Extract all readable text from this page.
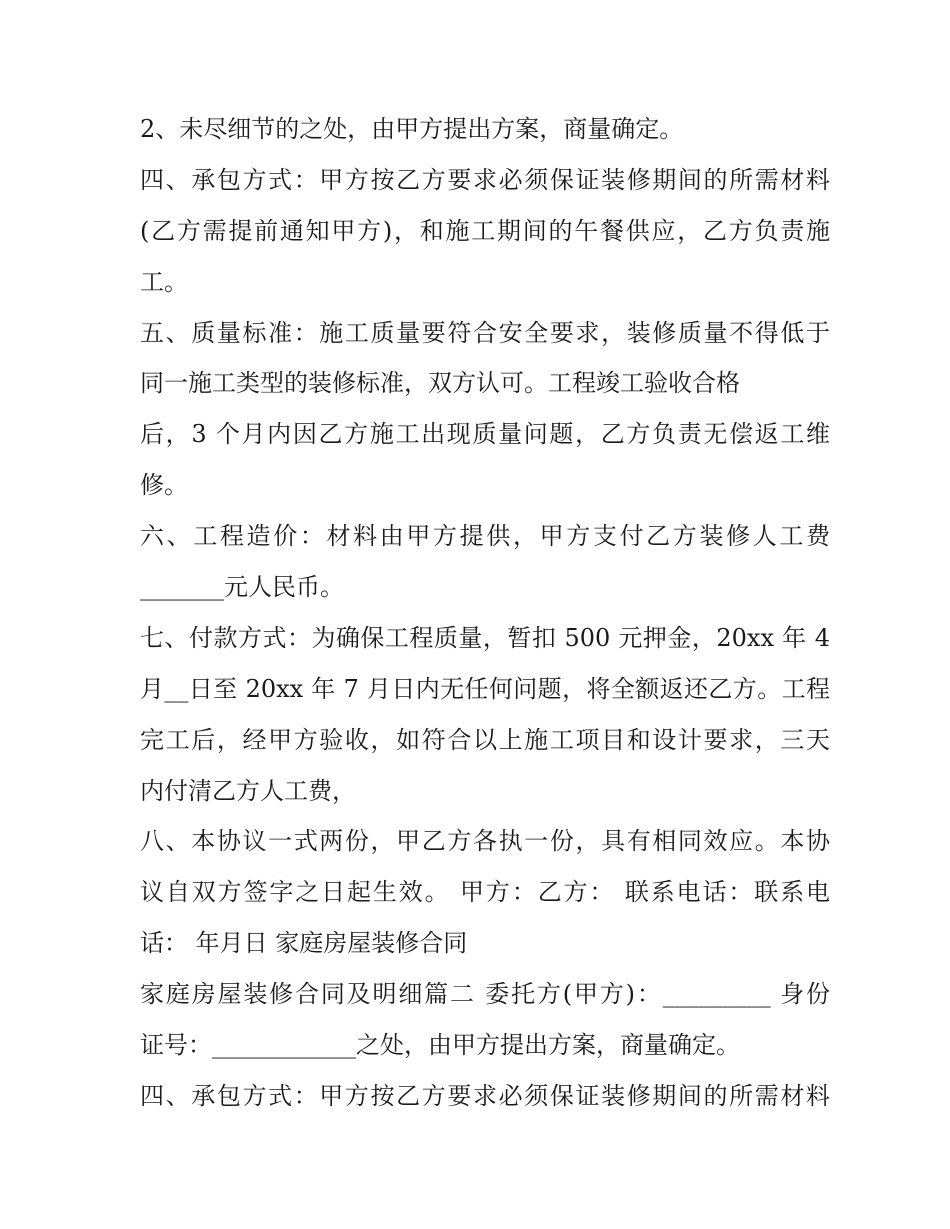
2、未尽细节的之处，由甲方提出方案，商量确定。
四、承包方式：甲方按乙方要求必须保证装修期间的所需材料
(乙方需提前通知甲方)，和施工期间的午餐供应，乙方负责施
工。
五、质量标准：施工质量要符合安全要求，装修质量不得低于
同一施工类型的装修标准，双方认可。工程竣工验收合格
后，3 个月内因乙方施工出现质量问题，乙方负责无偿返工维
修。
六、工程造价：材料由甲方提供，甲方支付乙方装修人工费
_______元人民币。
七、付款方式：为确保工程质量，暂扣 500 元押金，20xx 年 4
月__日至 20xx 年 7 月日内无任何问题，将全额返还乙方。工程
完工后，经甲方验收，如符合以上施工项目和设计要求，三天
内付清乙方人工费，
八、本协议一式两份，甲乙方各执一份，具有相同效应。本协
议自双方签字之日起生效。 甲方：乙方： 联系电话：联系电
话： 年月日 家庭房屋装修合同
家庭房屋装修合同及明细篇二 委托方(甲方)：_________ 身份
证号：____________之处，由甲方提出方案，商量确定。
四、承包方式：甲方按乙方要求必须保证装修期间的所需材料
